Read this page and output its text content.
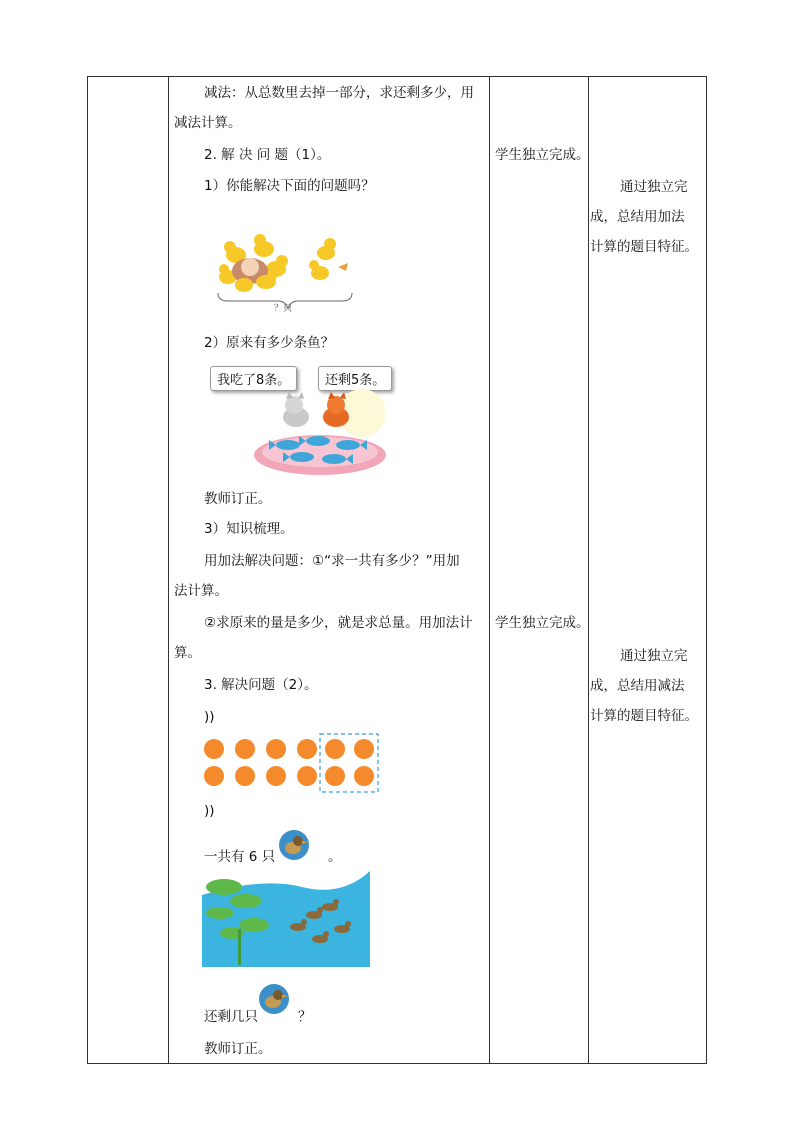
减法：从总数里去掉一部分，求还剩多少，用
减法计算。
2. 解 决 问 题（1）。
1）你能解决下面的问题吗？
？只
2）原来有多少条鱼？
我吃了8条。	还剩5条。
教师订正。
3）知识梳理。
用加法解决问题：①“求一共有多少？”用加
法计算。
②求原来的量是多少，就是求总量。用加法计
算。
3. 解决问题（2）。
))
))
一共有 6 只	。
还剩几只	？
教师订正。
学生独立完成。
学生独立完成。
通过独立完
成，总结用加法
计算的题目特征。
通过独立完
成，总结用减法
计算的题目特征。
